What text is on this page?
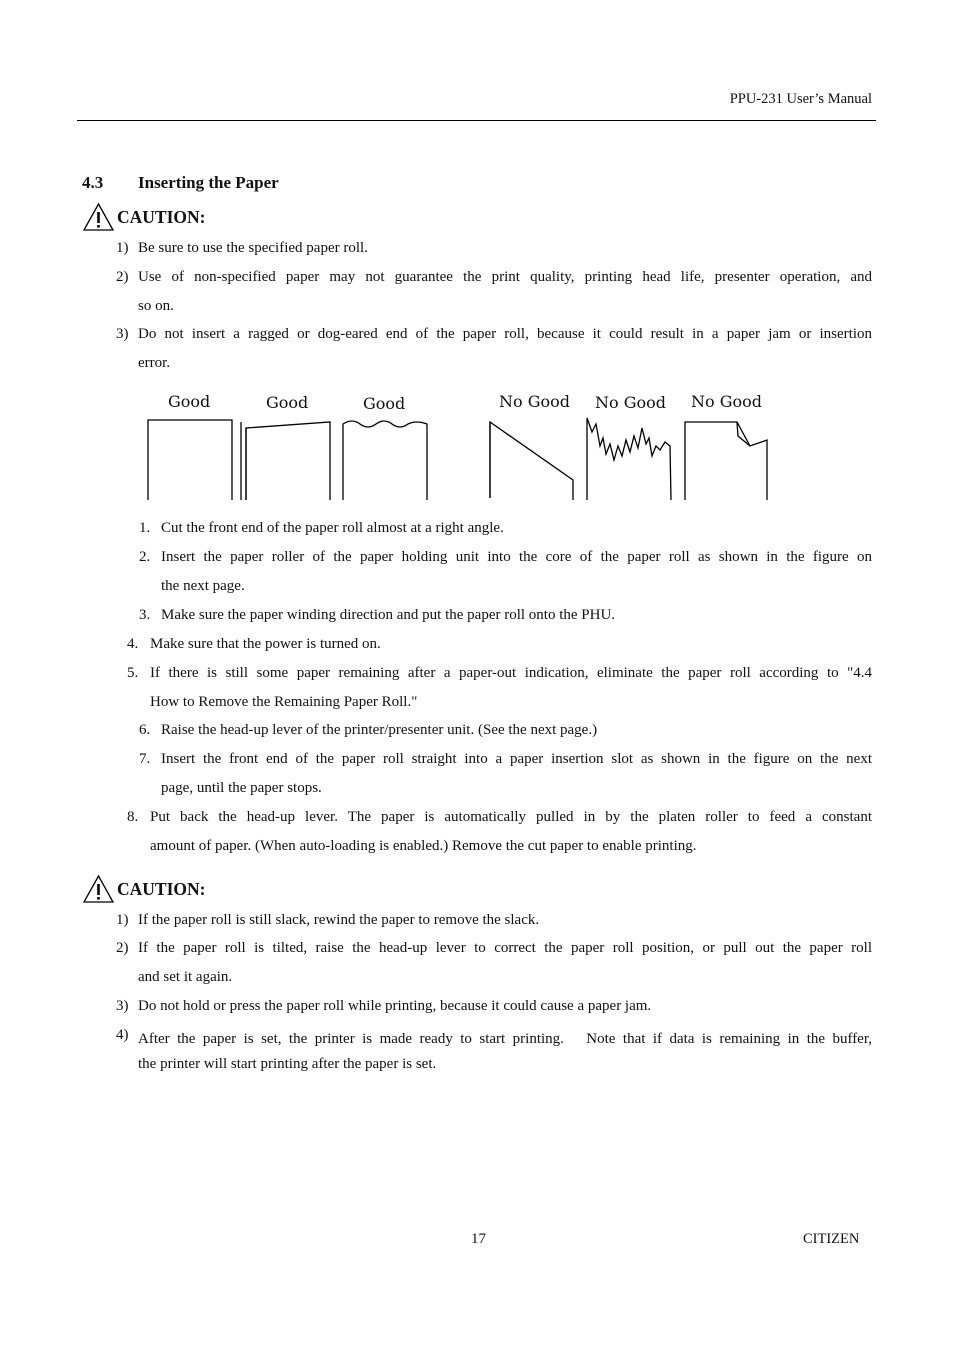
PPU-231 User’s Manual
4.3 Inserting the Paper
CAUTION:
1) Be sure to use the specified paper roll.
2) Use of non-specified paper may not guarantee the print quality, printing head life, presenter operation, and
so on.
3) Do not insert a ragged or dog-eared end of the paper roll, because it could result in a paper jam or insertion
error.
Good	Good	Good	No Good No Good No Good
1. Cut the front end of the paper roll almost at a right angle.
2. Insert the paper roller of the paper holding unit into the core of the paper roll as shown in the figure on
the next page.
3. Make sure the paper winding direction and put the paper roll onto the PHU.
4. Make sure that the power is turned on.
5. If there is still some paper remaining after a paper-out indication, eliminate the paper roll according to "4.4
How to Remove the Remaining Paper Roll."
6. Raise the head-up lever of the printer/presenter unit. (See the next page.)
7. Insert the front end of the paper roll straight into a paper insertion slot as shown in the figure on the next
page, until the paper stops.
8. Put back the head-up lever. The paper is automatically pulled in by the platen roller to feed a constant
amount of paper. (When auto-loading is enabled.) Remove the cut paper to enable printing.
CAUTION:
1) If the paper roll is still slack, rewind the paper to remove the slack.
2) If the paper roll is tilted, raise the head-up lever to correct the paper roll position, or pull out the paper roll
and set it again.
3) Do not hold or press the paper roll while printing, because it could cause a paper jam.
4) After the paper is set, the printer is made ready to start printing.　Note that if data is remaining in the buffer,
the printer will start printing after the paper is set.
17	CITIZEN
